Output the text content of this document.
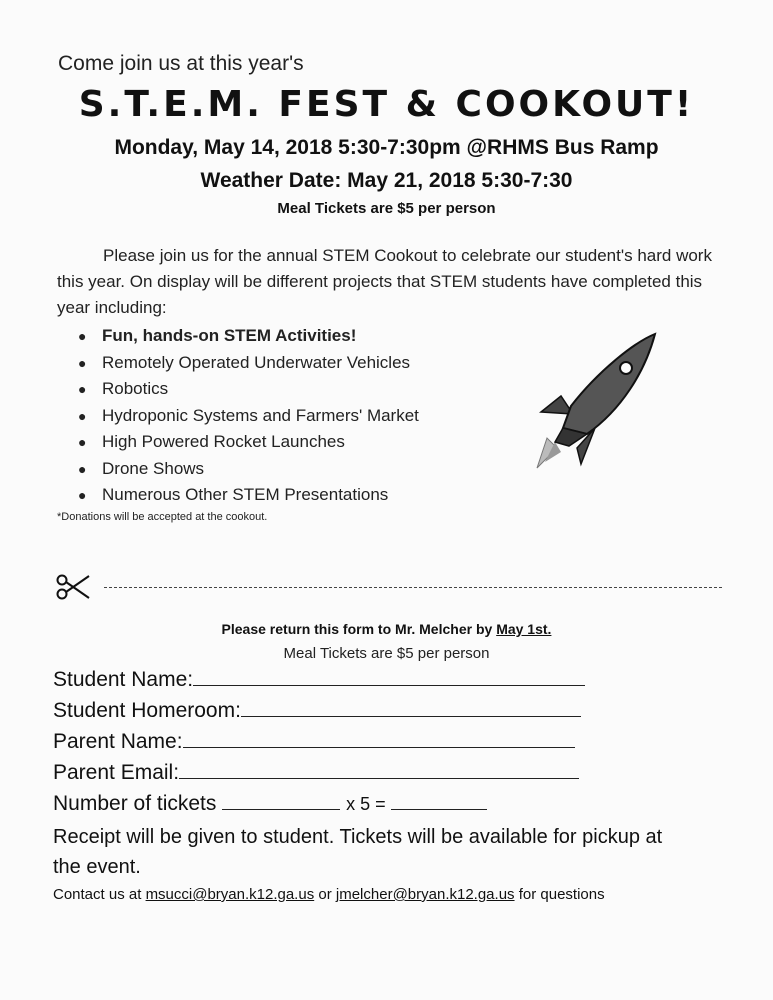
Come join us at this year's
S.T.E.M. FEST & COOKOUT!
Monday, May 14, 2018 5:30-7:30pm @RHMS Bus Ramp
Weather Date: May 21, 2018 5:30-7:30
Meal Tickets are $5 per person
Please join us for the annual STEM Cookout to celebrate our student's hard work this year. On display will be different projects that STEM students have completed this year including:
● Fun, hands-on STEM Activities!
● Remotely Operated Underwater Vehicles
● Robotics
● Hydroponic Systems and Farmers' Market
● High Powered Rocket Launches
● Drone Shows
● Numerous Other STEM Presentations
*Donations will be accepted at the cookout.
Please return this form to Mr. Melcher by May 1st.
Meal Tickets are $5 per person
Student Name:
Student Homeroom:
Parent Name:
Parent Email:
Number of tickets	x 5 =
Receipt will be given to student. Tickets will be available for pickup at the event.
Contact us at msucci@bryan.k12.ga.us or jmelcher@bryan.k12.ga.us for questions
